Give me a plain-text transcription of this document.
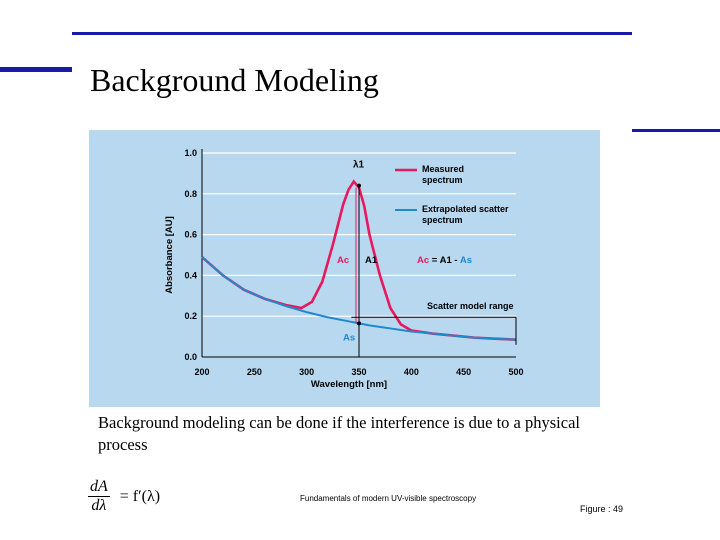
Background Modeling
0.0
0.2
0.4
0.6
0.8
1.0
200	250	300	350	400	450	500
Wavelength [nm]
Absorbance [AU]
Measured spectrum
Extrapolated scatter spectrum
λ1
Ac A1
As
Ac = A1 - As
Scatter model range
Background modeling can be done if the interference is due to a physical process
$\frac{dA}{d\lambda} = f'(\lambda)$	Fundamentals of modern UV-visible spectroscopy
Figure : 49
